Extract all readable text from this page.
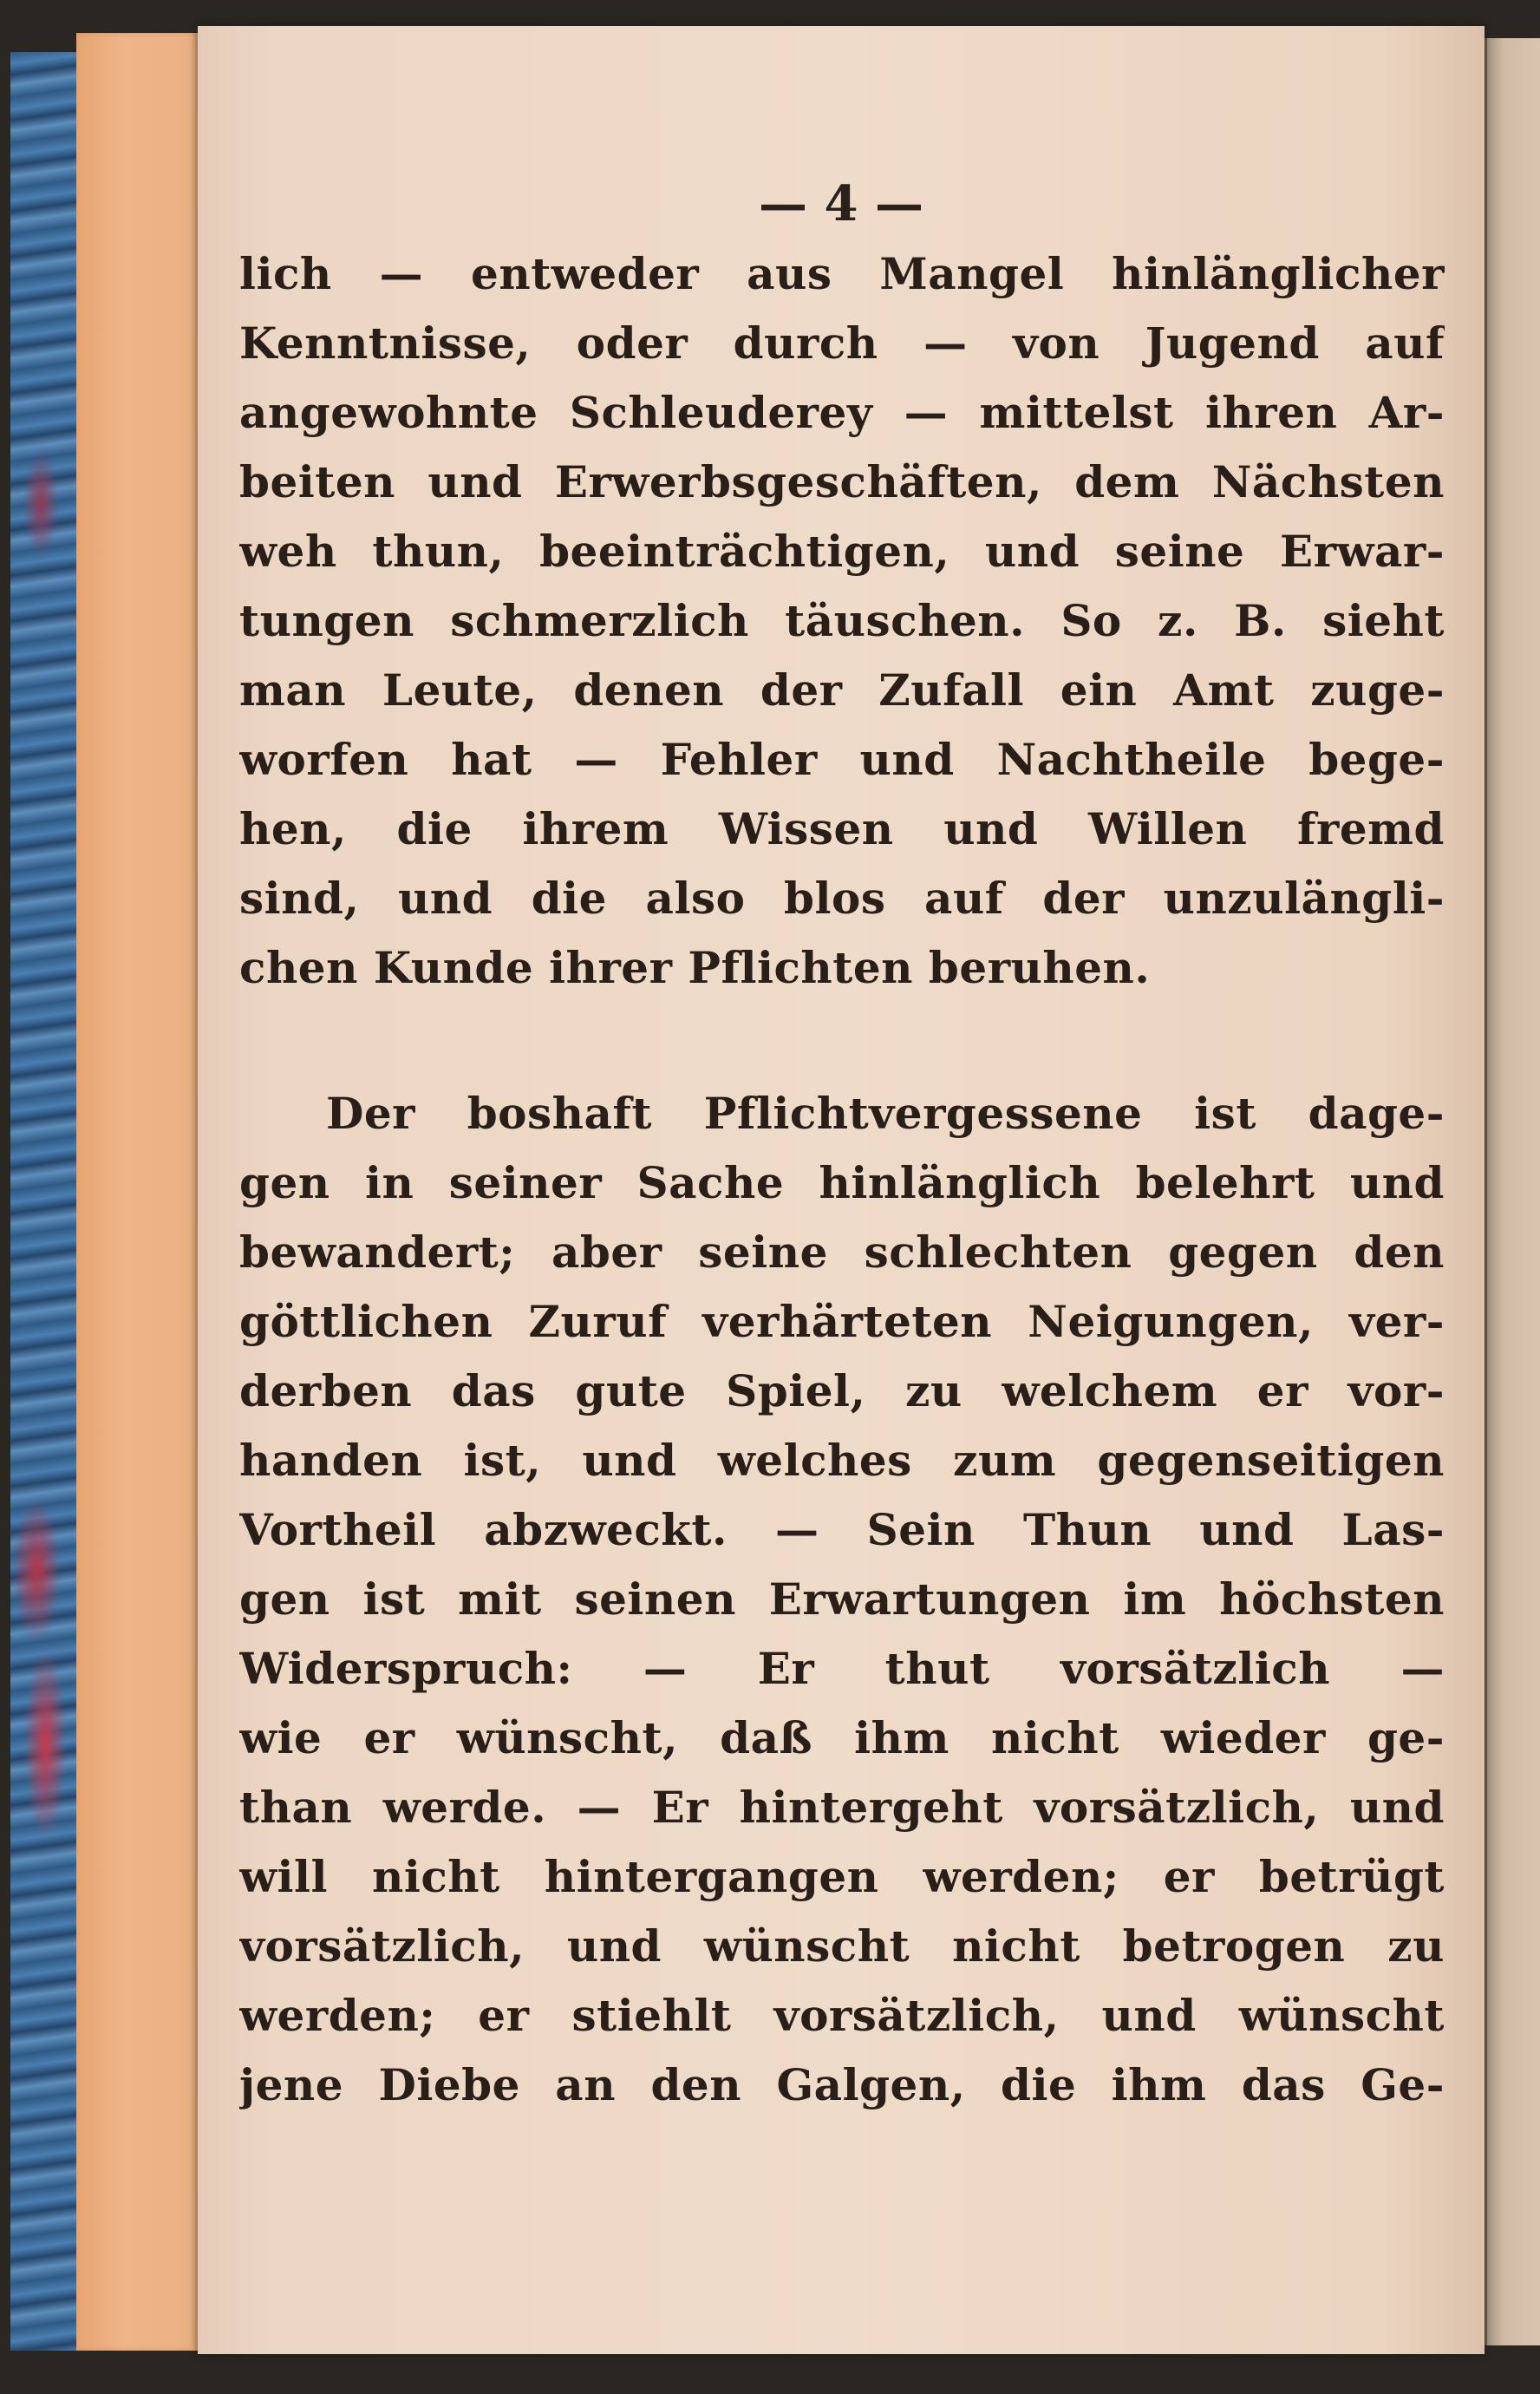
— 4 —
lich — entweder aus Mangel hinlänglicher
Kenntnisse, oder durch — von Jugend auf
angewohnte Schleuderey — mittelst ihren Ar-
beiten und Erwerbsgeschäften, dem Nächsten
weh thun, beeinträchtigen, und seine Erwar-
tungen schmerzlich täuschen. So z. B. sieht
man Leute, denen der Zufall ein Amt zuge-
worfen hat — Fehler und Nachtheile bege-
hen, die ihrem Wissen und Willen fremd
sind, und die also blos auf der unzulängli-
chen Kunde ihrer Pflichten beruhen.
Der boshaft Pflichtvergessene ist dage-
gen in seiner Sache hinlänglich belehrt und
bewandert; aber seine schlechten gegen den
göttlichen Zuruf verhärteten Neigungen, ver-
derben das gute Spiel, zu welchem er vor-
handen ist, und welches zum gegenseitigen
Vortheil abzweckt. — Sein Thun und Las-
gen ist mit seinen Erwartungen im höchsten
Widerspruch: — Er thut vorsätzlich —
wie er wünscht, daß ihm nicht wieder ge-
than werde. — Er hintergeht vorsätzlich, und
will nicht hintergangen werden; er betrügt
vorsätzlich, und wünscht nicht betrogen zu
werden; er stiehlt vorsätzlich, und wünscht
jene Diebe an den Galgen, die ihm das Ge-
